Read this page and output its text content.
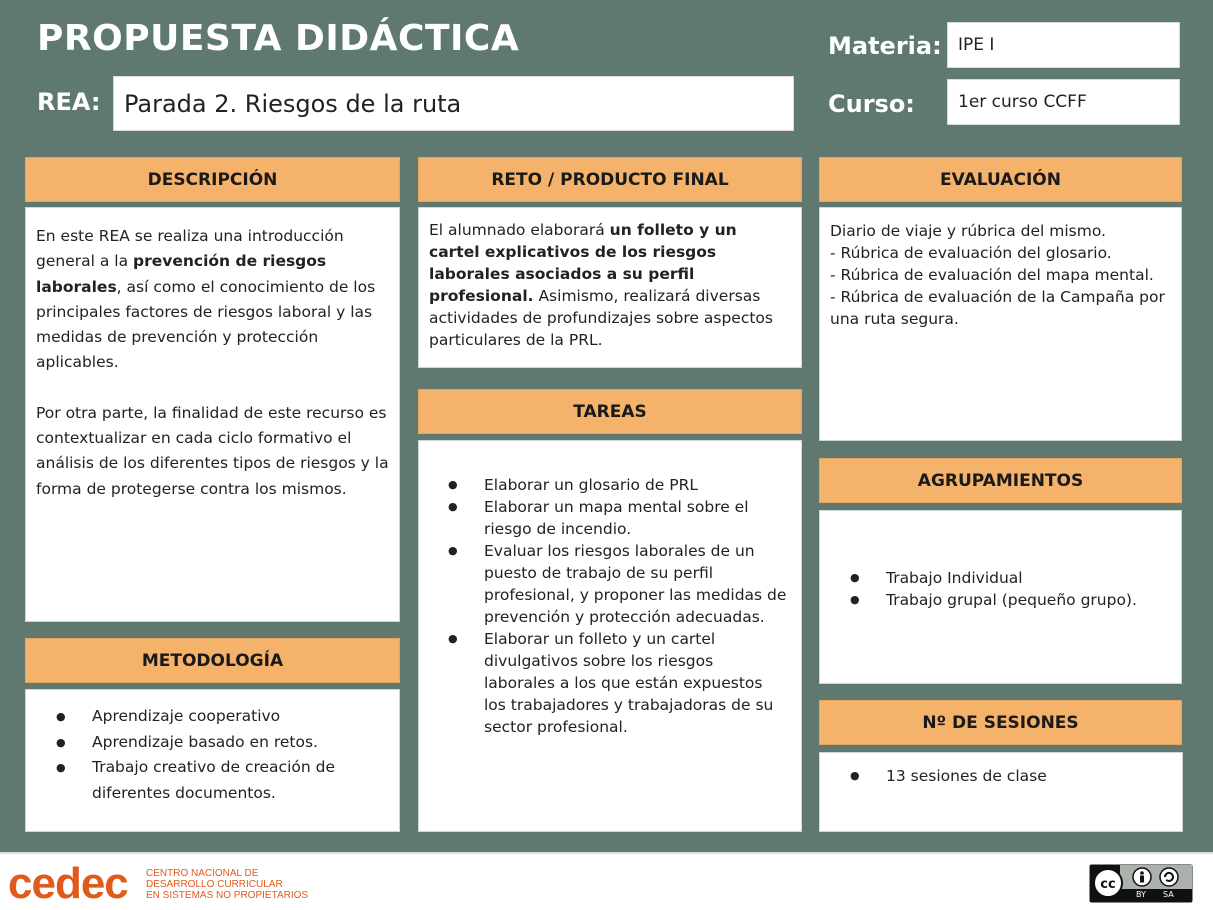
PROPUESTA DIDÁCTICA
REA: Parada 2. Riesgos de la ruta
Materia: IPE I
Curso:	1er curso CCFF
DESCRIPCIÓN

En este REA se realiza una introducción general a la prevención de riesgos laborales, así como el conocimiento de los principales factores de riesgos laboral y las medidas de prevención y protección aplicables.

Por otra parte, la finalidad de este recurso es contextualizar en cada ciclo formativo el análisis de los diferentes tipos de riesgos y la forma de protegerse contra los mismos.

METODOLOGÍA
● Aprendizaje cooperativo
● Aprendizaje basado en retos.
● Trabajo creativo de creación de diferentes documentos.
RETO / PRODUCTO FINAL

El alumnado elaborará un folleto y un cartel explicativos de los riesgos laborales asociados a su perfil profesional. Asimismo, realizará diversas actividades de profundizajes sobre aspectos particulares de la PRL.

TAREAS
● Elaborar un glosario de PRL
● Elaborar un mapa mental sobre el riesgo de incendio.
● Evaluar los riesgos laborales de un puesto de trabajo de su perfil profesional, y proponer las medidas de prevención y protección adecuadas.
● Elaborar un folleto y un cartel divulgativos sobre los riesgos laborales a los que están expuestos los trabajadores y trabajadoras de su sector profesional.
EVALUACIÓN

Diario de viaje y rúbrica del mismo.

- Rúbrica de evaluación del glosario.

- Rúbrica de evaluación del mapa mental.

- Rúbrica de evaluación de la Campaña por una ruta segura.

AGRUPAMIENTOS
● Trabajo Individual
● Trabajo grupal (pequeño grupo).
Nº DE SESIONES
● 13 sesiones de clase
cedec CENTRO NACIONAL DE
DESARROLLO CURRICULAR
EN SISTEMAS NO PROPIETARIOS
cc
BY SA
